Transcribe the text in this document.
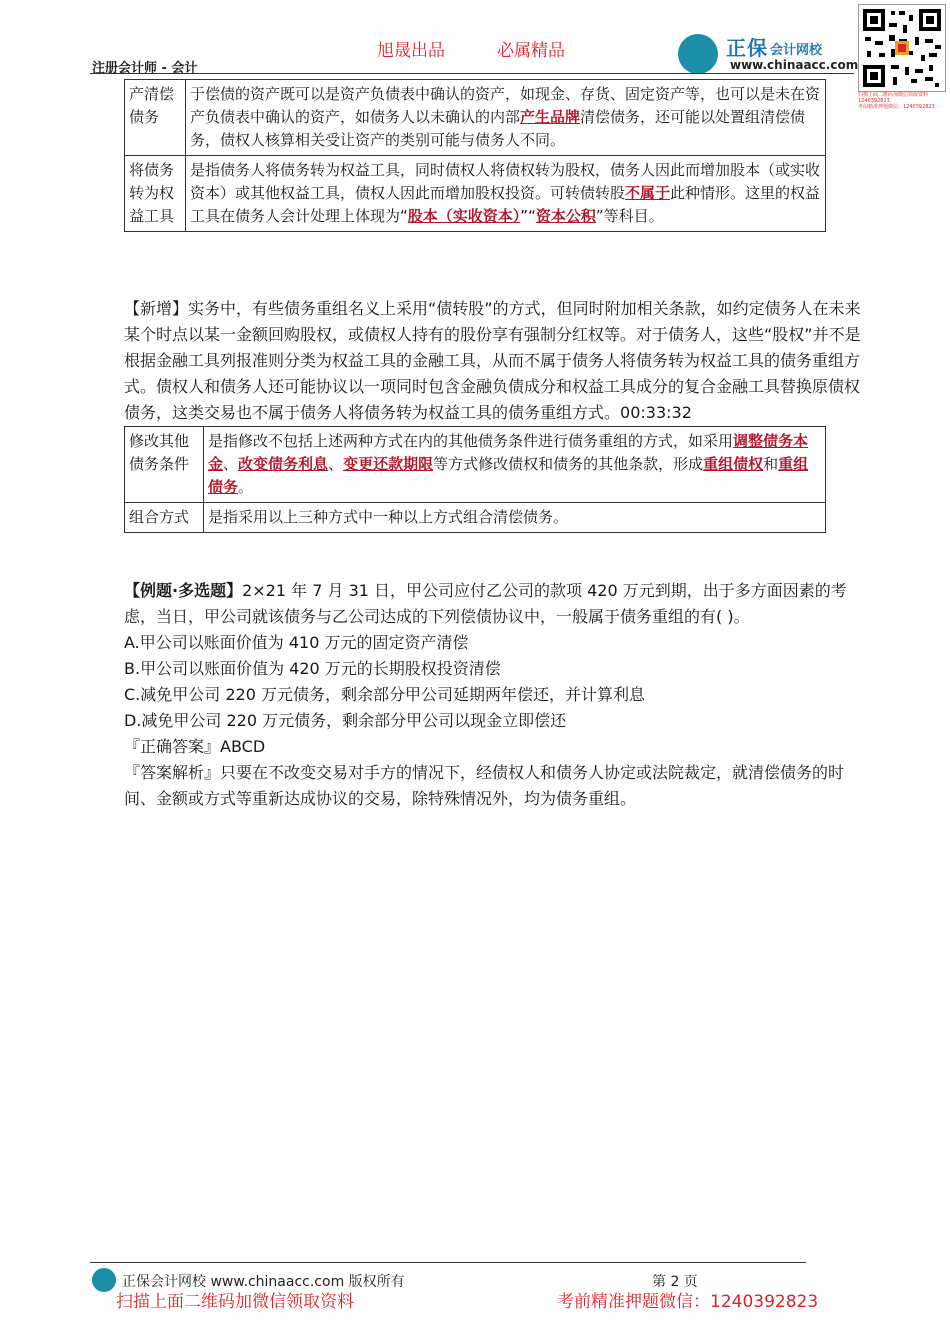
旭晟出品	必属精品
注册会计师 - 会计
正保 会计网校
www.chinaacc.com
扫描上面二维码加微信领取资料 1240392823
考前精准押题微信：1240392823
产清偿债务	于偿债的资产既可以是资产负债表中确认的资产，如现金、存货、固定资产等，也可以是未在资产负债表中确认的资产，如债务人以未确认的内部产生品牌清偿债务，还可能以处置组清偿债务，债权人核算相关受让资产的类别可能与债务人不同。
将债务转为权益工具	是指债务人将债务转为权益工具，同时债权人将债权转为股权，债务人因此而增加股本（或实收资本）或其他权益工具，债权人因此而增加股权投资。可转债转股不属于此种情形。这里的权益工具在债务人会计处理上体现为“股本（实收资本）”“资本公积”等科目。
【新增】实务中，有些债务重组名义上采用“债转股”的方式，但同时附加相关条款，如约定债务人在未来某个时点以某一金额回购股权，或债权人持有的股份享有强制分红权等。对于债务人，这些“股权”并不是根据金融工具列报准则分类为权益工具的金融工具，从而不属于债务人将债务转为权益工具的债务重组方式。债权人和债务人还可能协议以一项同时包含金融负债成分和权益工具成分的复合金融工具替换原债权债务，这类交易也不属于债务人将债务转为权益工具的债务重组方式。00:33:32
修改其他债务条件	是指修改不包括上述两种方式在内的其他债务条件进行债务重组的方式，如采用调整债务本金、改变债务利息、变更还款期限等方式修改债权和债务的其他条款，形成重组债权和重组债务。
组合方式	是指采用以上三种方式中一种以上方式组合清偿债务。
【例题·多选题】2×21 年 7 月 31 日，甲公司应付乙公司的款项 420 万元到期，出于多方面因素的考虑，当日，甲公司就该债务与乙公司达成的下列偿债协议中，一般属于债务重组的有( )。
A.甲公司以账面价值为 410 万元的固定资产清偿
B.甲公司以账面价值为 420 万元的长期股权投资清偿
C.减免甲公司 220 万元债务，剩余部分甲公司延期两年偿还，并计算利息
D.减免甲公司 220 万元债务，剩余部分甲公司以现金立即偿还
『正确答案』ABCD
『答案解析』只要在不改变交易对手方的情况下，经债权人和债务人协定或法院裁定，就清偿债务的时间、金额或方式等重新达成协议的交易，除特殊情况外，均为债务重组。
正保会计网校 www.chinaacc.com 版权所有	第 2 页
扫描上面二维码加微信领取资料	考前精准押题微信：1240392823
